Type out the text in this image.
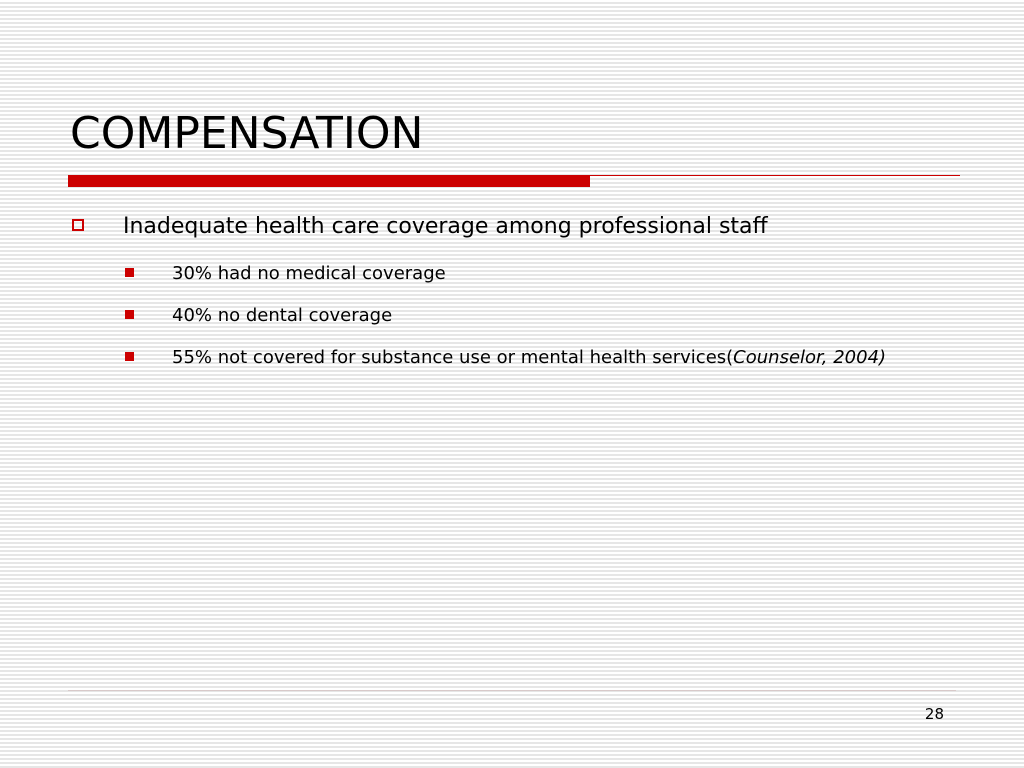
COMPENSATION
Inadequate health care coverage among professional staff
30% had no medical coverage
40% no dental coverage
55% not covered for substance use or mental health services(Counselor, 2004)
28
